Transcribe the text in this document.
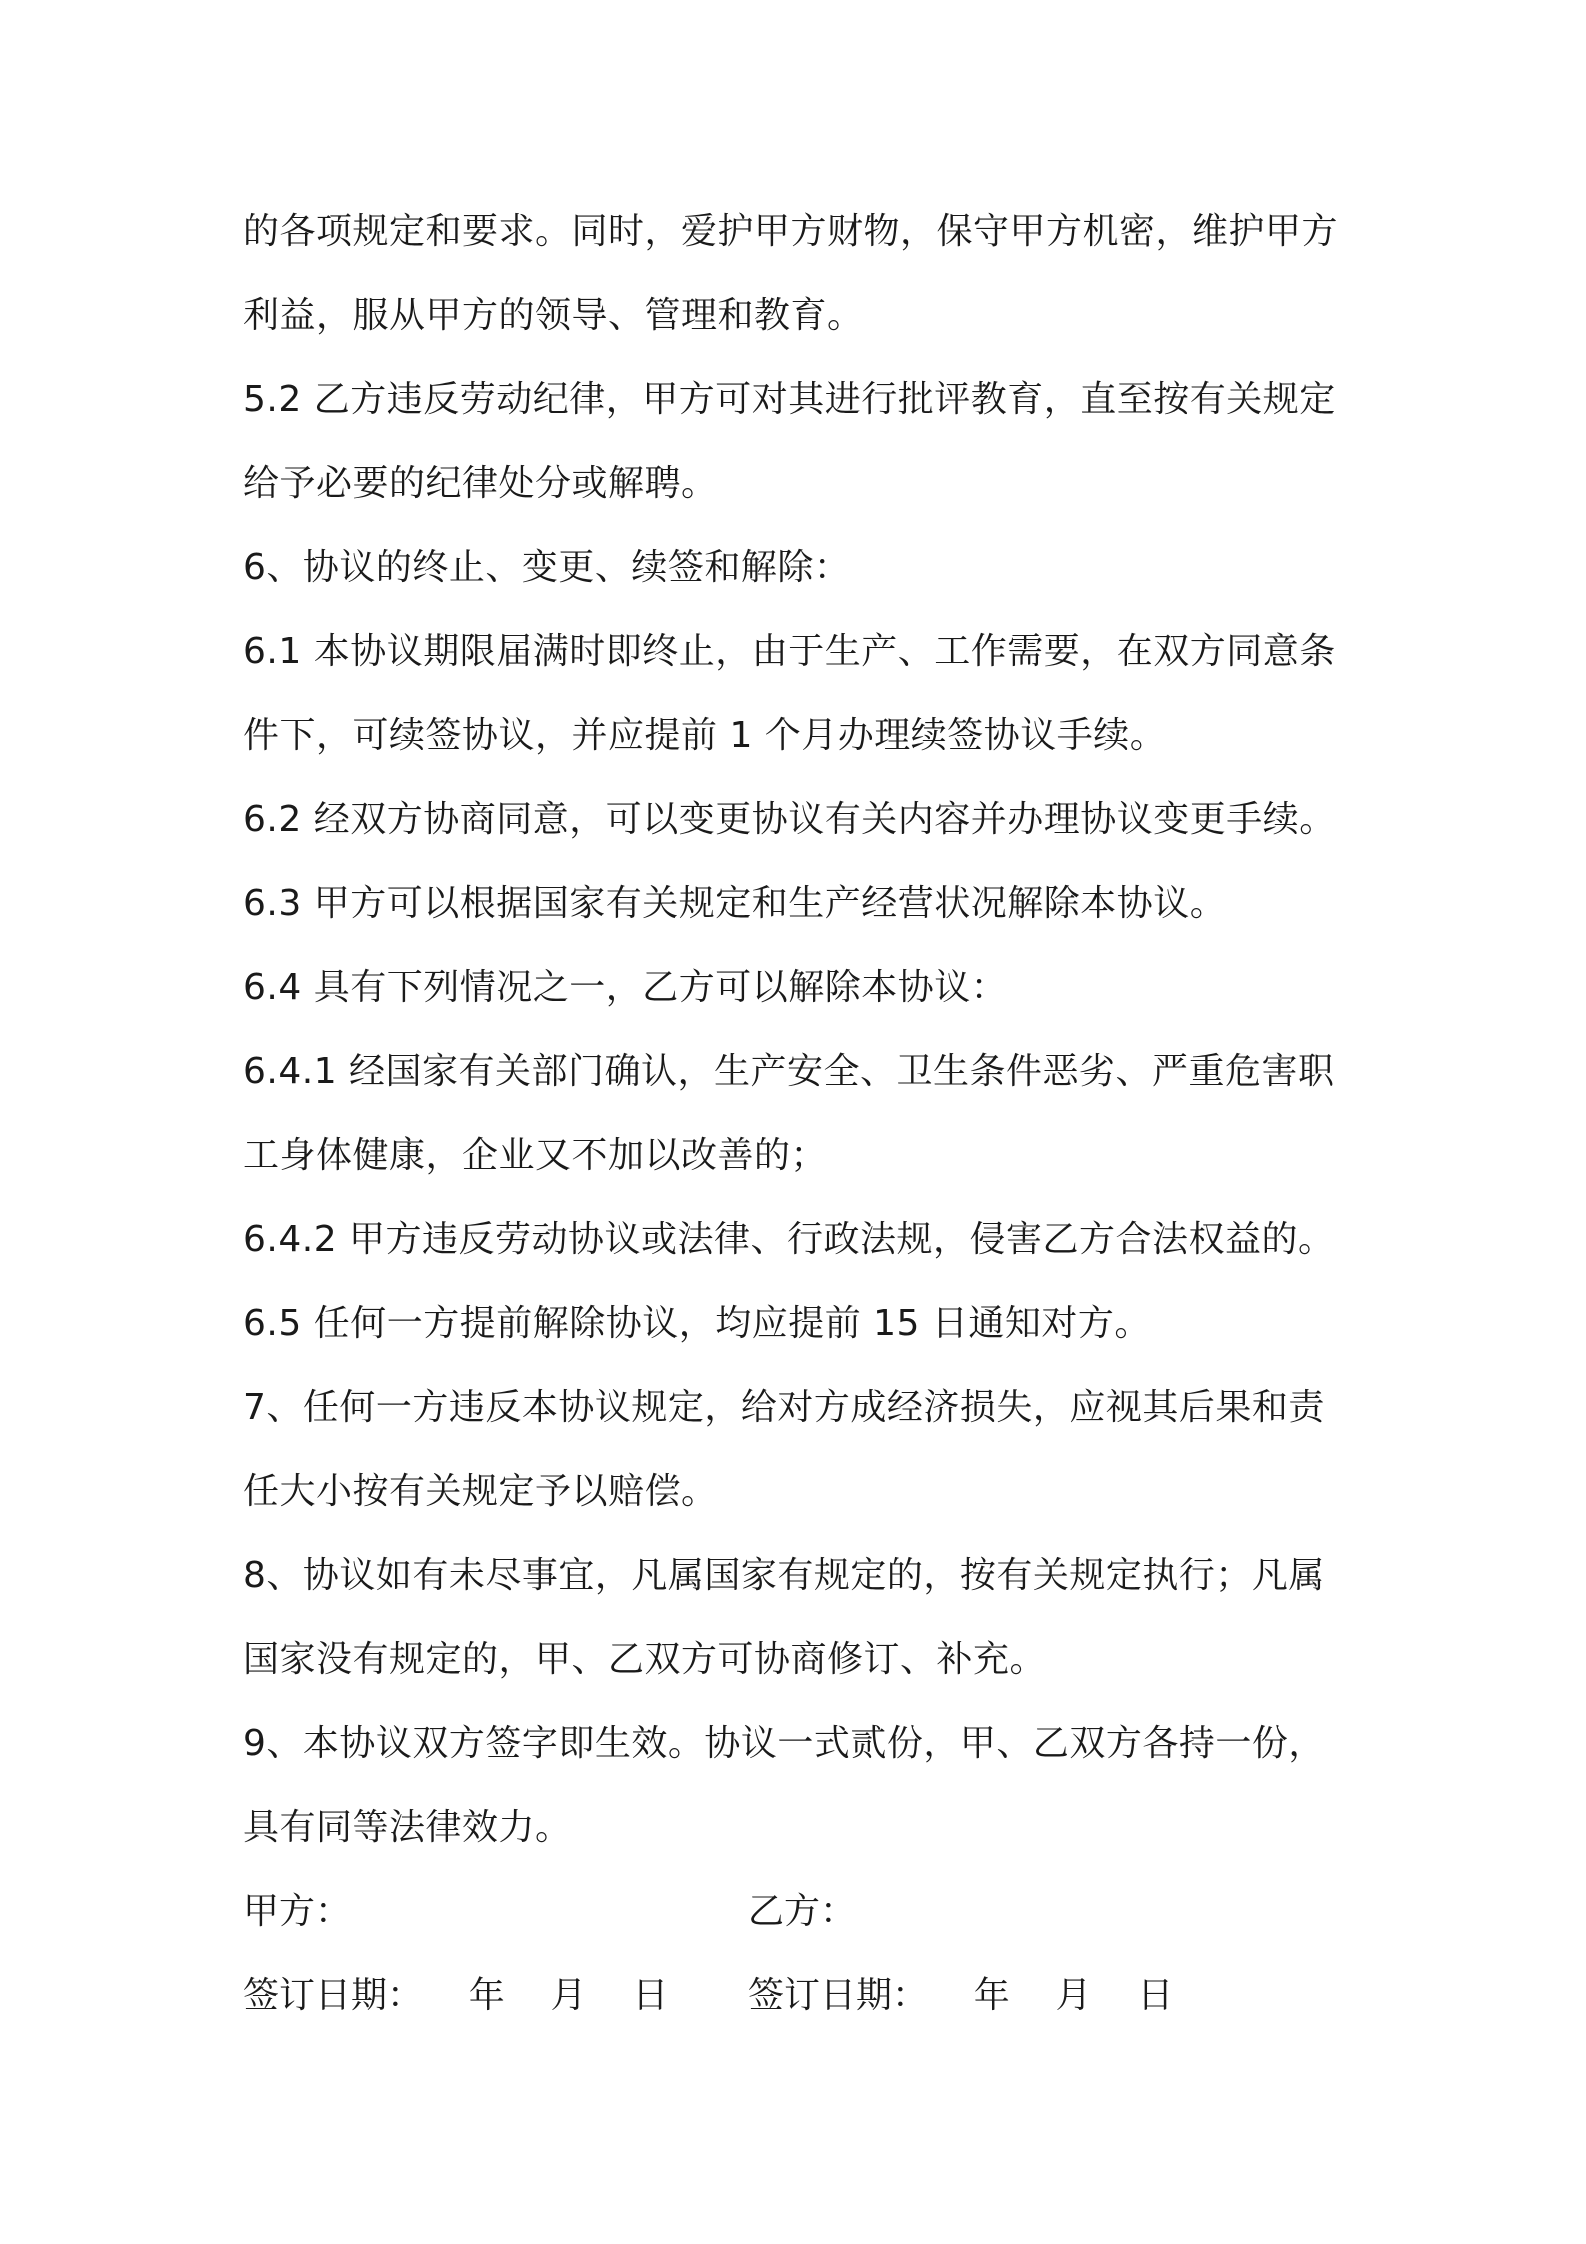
的各项规定和要求。同时，爱护甲方财物，保守甲方机密，维护甲方

利益，服从甲方的领导、管理和教育。

5.2 乙方违反劳动纪律，甲方可对其进行批评教育，直至按有关规定

给予必要的纪律处分或解聘。

6、协议的终止、变更、续签和解除：

6.1 本协议期限届满时即终止，由于生产、工作需要，在双方同意条

件下，可续签协议，并应提前 1 个月办理续签协议手续。

6.2 经双方协商同意，可以变更协议有关内容并办理协议变更手续。

6.3 甲方可以根据国家有关规定和生产经营状况解除本协议。

6.4 具有下列情况之一，乙方可以解除本协议：

6.4.1 经国家有关部门确认，生产安全、卫生条件恶劣、严重危害职

工身体健康，企业又不加以改善的；

6.4.2 甲方违反劳动协议或法律、行政法规，侵害乙方合法权益的。

6.5 任何一方提前解除协议，均应提前 15 日通知对方。

7、任何一方违反本协议规定，给对方成经济损失，应视其后果和责

任大小按有关规定予以赔偿。

8、协议如有未尽事宜，凡属国家有规定的，按有关规定执行；凡属

国家没有规定的，甲、乙双方可协商修订、补充。

9、本协议双方签字即生效。协议一式贰份，甲、乙双方各持一份，

具有同等法律效力。

甲方：	乙方：
签订日期：    年    月    日 签订日期：    年    月    日
